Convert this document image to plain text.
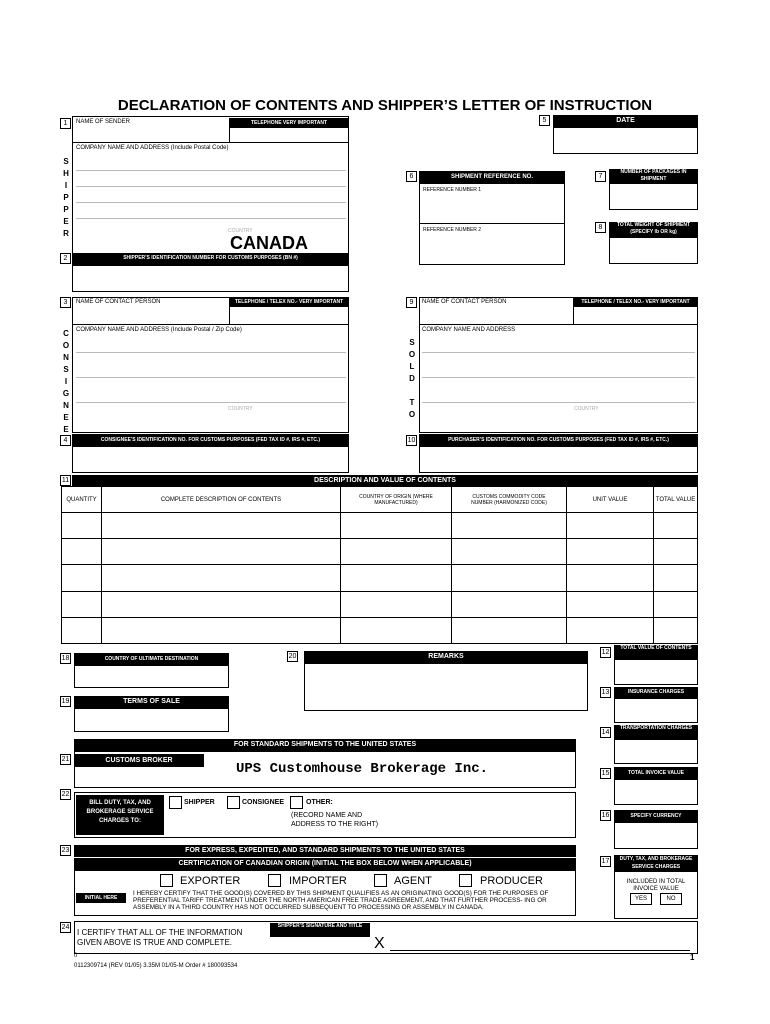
DECLARATION OF CONTENTS AND SHIPPER’S LETTER OF INSTRUCTION
1	NAME OF SENDER	TELEPHONE VERY IMPORTANT
COMPANY NAME AND ADDRESS (Include Postal Code)
S
H
I
P
P
E
R	COUNTRY
CANADA
2	SHIPPER’S IDENTIFICATION NUMBER FOR CUSTOMS PURPOSES (BN #)
5	DATE
6	SHIPMENT REFERENCE NO.
REFERENCE NUMBER 1
REFERENCE NUMBER 2
7
NUMBER OF PACKAGES IN SHIPMENT
8	TOTAL WEIGHT OF SHIPMENT (SPECIFY lb OR kg)
3	NAME OF CONTACT PERSON	TELEPHONE / TELEX NO.- VERY IMPORTANT
COMPANY NAME AND ADDRESS (Include Postal / Zip Code)
C
O
N
S
I
G
N
E
E
COUNTRY
4	CONSIGNEE’S IDENTIFICATION NO. FOR CUSTOMS PURPOSES (FED TAX ID #, IRS #, ETC.)
9	NAME OF CONTACT PERSON	TELEPHONE / TELEX NO.- VERY IMPORTANT
COMPANY NAME AND ADDRESS
S
O
L
D
T
O
COUNTRY
10	PURCHASER’S IDENTIFICATION NO. FOR CUSTOMS PURPOSES (FED TAX ID #, IRS #, ETC.)
11	DESCRIPTION AND VALUE OF CONTENTS
QUANTITY	COMPLETE DESCRIPTION OF CONTENTS	COUNTRY OF ORIGIN (WHERE MANUFACTURED)	CUSTOMS COMMODITY CODE NUMBER (HARMONIZED CODE)	UNIT VALUE	TOTAL VALUE

12
TOTAL VALUE OF CONTENTS
13	INSURANCE CHARGES
14
TRANSPORTATION CHARGES
15	TOTAL INVOICE VALUE
16	SPECIFY CURRENCY
17	DUTY, TAX, AND BROKERAGE SERVICE CHARGES
INCLUDED IN TOTAL INVOICE VALUE
YES	NO
18	COUNTRY OF ULTIMATE DESTINATION
19	TERMS OF SALE
20	REMARKS
FOR STANDARD SHIPMENTS TO THE UNITED STATES
21	CUSTOMS BROKER
UPS Customhouse Brokerage Inc.
22
BILL DUTY, TAX, AND BROKERAGE SERVICE CHARGES TO:
SHIPPER	CONSIGNEE	OTHER:
(RECORD NAME AND ADDRESS TO THE RIGHT)
23	FOR EXPRESS, EXPEDITED, AND STANDARD SHIPMENTS TO THE UNITED STATES
CERTIFICATION OF CANADIAN ORIGIN (INITIAL THE BOX BELOW WHEN APPLICABLE)
EXPORTER	IMPORTER	AGENT	PRODUCER
INITIAL HERE
I HEREBY CERTIFY THAT THE GOOD(S) COVERED BY THIS SHIPMENT QUALIFIES AS AN ORIGINATING GOOD(S) FOR THE PURPOSES OF PREFERENTIAL TARIFF TREATMENT UNDER THE NORTH AMERICAN FREE TRADE AGREEMENT, AND THAT FURTHER PROCESS- ING OR ASSEMBLY IN A THIRD COUNTRY HAS NOT OCCURRED SUBSEQUENT TO PROCESSING OR ASSEMBLY IN CANADA.
24
I CERTIFY THAT ALL OF THE INFORMATION GIVEN ABOVE IS TRUE AND COMPLETE.
SHIPPER’S SIGNATURE AND TITLE
X
0
0112309714 (REV 01/05) 3.35M 01/05-M Order # 180093534
1
